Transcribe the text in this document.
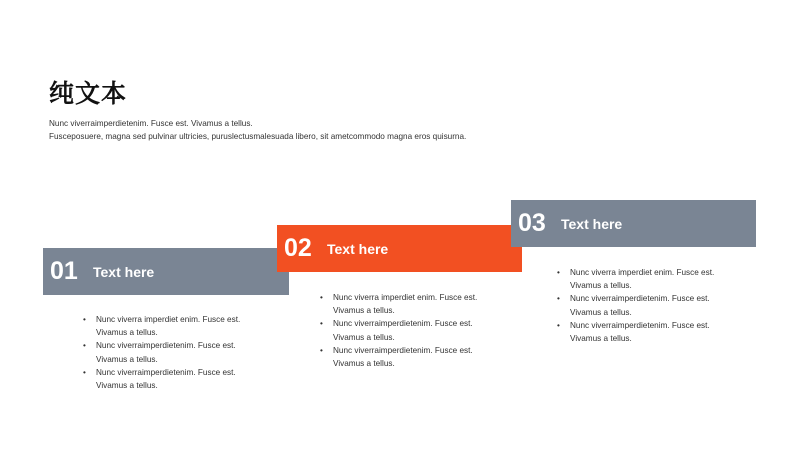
纯文本
Nunc viverraimperdietenim. Fusce est. Vivamus a tellus.
Fusceposuere, magna sed pulvinar ultricies, puruslectusmalesuada libero, sit ametcommodo magna eros quisurna.
01	Text here
• Nunc viverra imperdiet enim. Fusce est. Vivamus a tellus.
• Nunc viverraimperdietenim. Fusce est. Vivamus a tellus.
• Nunc viverraimperdietenim. Fusce est. Vivamus a tellus.
02	Text here
• Nunc viverra imperdiet enim. Fusce est. Vivamus a tellus.
• Nunc viverraimperdietenim. Fusce est. Vivamus a tellus.
• Nunc viverraimperdietenim. Fusce est. Vivamus a tellus.
03	Text here
• Nunc viverra imperdiet enim. Fusce est. Vivamus a tellus.
• Nunc viverraimperdietenim. Fusce est. Vivamus a tellus.
• Nunc viverraimperdietenim. Fusce est. Vivamus a tellus.
